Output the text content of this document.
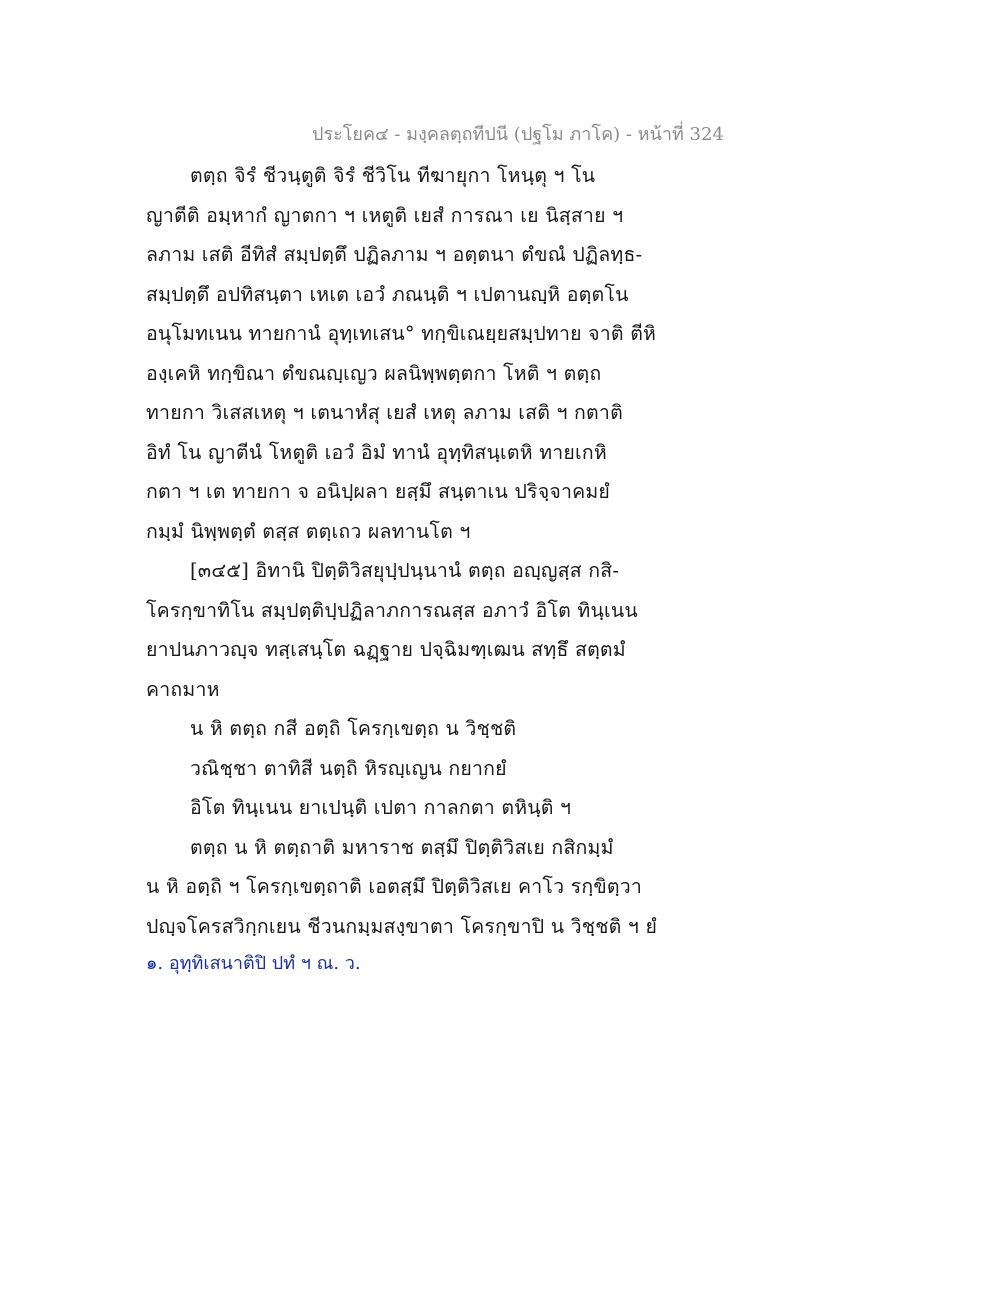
ประโยค๔ - มงฺคลตฺถทีปนี (ปฐโม ภาโค) - หน้าที่ 324
ตตฺถ จิรํ ชีวนฺตูติ จิรํ ชีวิโน ทีฆายุกา โหนฺตุ ฯ โน
ญาตีติ อมฺหากํ ญาตกา ฯ เหตูติ เยสํ การณา เย นิสฺสาย ฯ
ลภาม เสติ อีทิสํ สมฺปตฺตึ ปฏิลภาม ฯ อตฺตนา ตํขณํ ปฏิลทฺธ-
สมฺปตฺตึ อปทิสนฺตา เหเต เอวํ ภณนฺติ ฯ เปตานญฺหิ อตฺตโน
อนุโมทเนน ทายกานํ อุทฺเทเสน° ทกฺขิเณยฺยสมฺปทาย จาติ ตีหิ
องฺเคหิ ทกฺขิณา ตํขณญฺเญว ผลนิพฺพตฺตกา โหติ ฯ ตตฺถ
ทายกา วิเสสเหตุ ฯ เตนาหํสุ เยสํ เหตุ ลภาม เสติ ฯ กตาติ
อิทํ โน ญาตีนํ โหตูติ เอวํ อิมํ ทานํ อุทฺทิสนฺเตหิ ทายเกหิ
กตา ฯ เต ทายกา จ อนิปฺผลา ยสฺมึ สนฺตาเน ปริจฺจาคมยํ
กมฺมํ นิพฺพตฺตํ ตสฺส ตตฺเถว ผลทานโต ฯ
[๓๔๕] อิทานิ ปิตฺติวิสยุปฺปนฺนานํ ตตฺถ อญฺญสฺส กสิ-
โครกฺขาทิโน สมฺปตฺติปฺปฏิลาภการณสฺส อภาวํ อิโต ทินฺเนน
ยาปนภาวญฺจ ทสฺเสนฺโต ฉฏฺฐาย ปจฺฉิมฑฺเฒน สทฺธึ สตฺตมํ
คาถมาห
น หิ ตตฺถ กสี อตฺถิ โครกฺเขตฺถ น วิชฺชติ
วณิชฺชา ตาทิสี นตฺถิ หิรญฺเญน กยากยํ
อิโต ทินฺเนน ยาเปนฺติ เปตา กาลกตา ตหินฺติ ฯ
ตตฺถ น หิ ตตฺถาติ มหาราช ตสฺมึ ปิตฺติวิสเย กสิกมฺมํ
น หิ อตฺถิ ฯ โครกฺเขตฺถาติ เอตสฺมึ ปิตฺติวิสเย คาโว รกฺขิตฺวา
ปญฺจโครสวิกฺกเยน ชีวนกมฺมสงฺขาตา โครกฺขาปิ น วิชฺชติ ฯ ยํ
๑. อุทฺทิเสนาติปิ ปทํ ฯ ณ. ว.
